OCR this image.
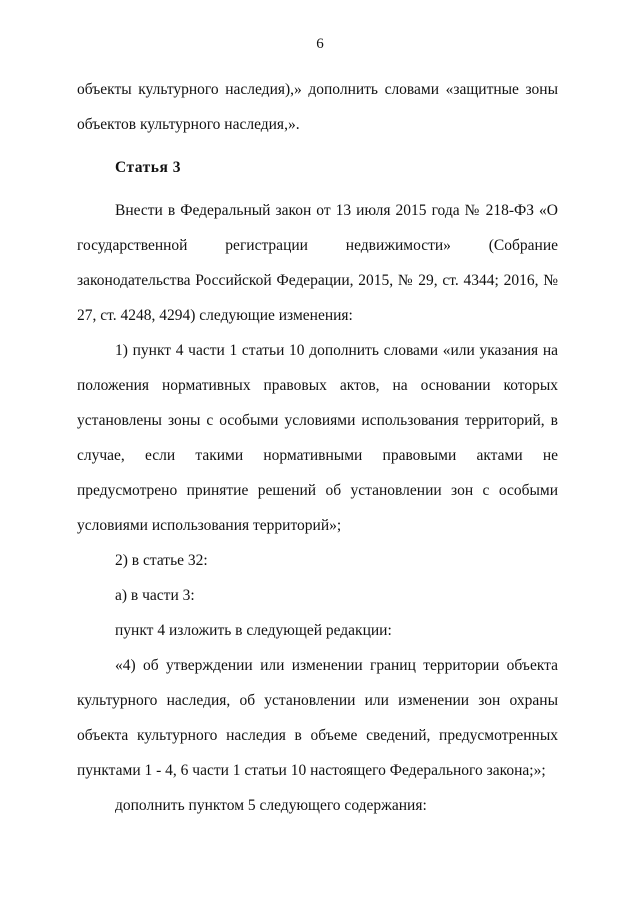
6

объекты культурного наследия),» дополнить словами «защитные зоны объектов культурного наследия,».

Статья 3

Внести в Федеральный закон от 13 июля 2015 года № 218-ФЗ «О государственной регистрации недвижимости» (Собрание законодательства Российской Федерации, 2015, № 29, ст. 4344; 2016, № 27, ст. 4248, 4294) следующие изменения:

1) пункт 4 части 1 статьи 10 дополнить словами «или указания на положения нормативных правовых актов, на основании которых установлены зоны с особыми условиями использования территорий, в случае, если такими нормативными правовыми актами не предусмотрено принятие решений об установлении зон с особыми условиями использования территорий»;

2) в статье 32:

а) в части 3:

пункт 4 изложить в следующей редакции:

«4) об утверждении или изменении границ территории объекта культурного наследия, об установлении или изменении зон охраны объекта культурного наследия в объеме сведений, предусмотренных пунктами 1 - 4, 6 части 1 статьи 10 настоящего Федерального закона;»;

дополнить пунктом 5 следующего содержания:
